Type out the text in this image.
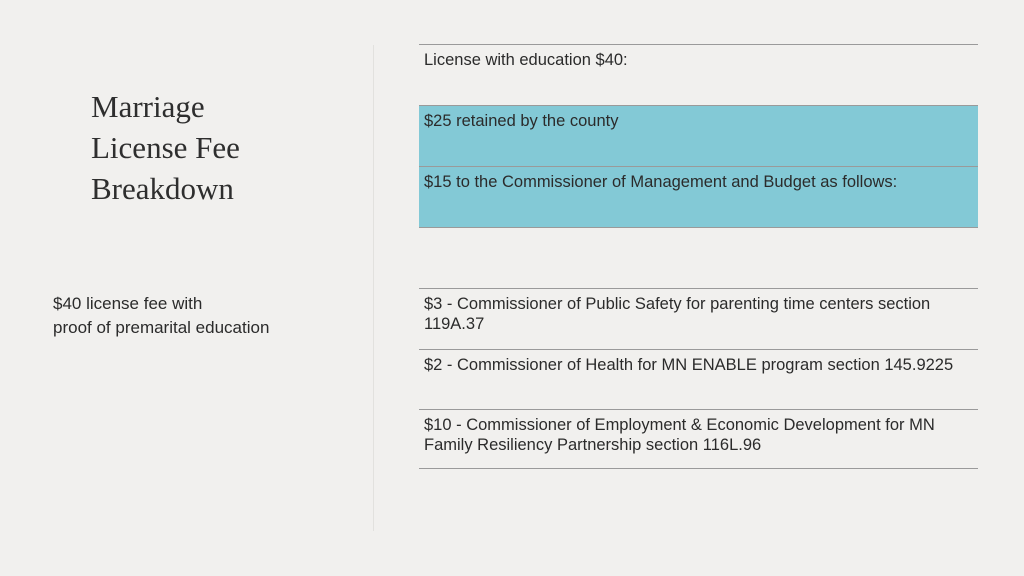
Marriage
License Fee
Breakdown
$40 license fee with
proof of premarital education
License with education $40:
$25 retained by the county
$15 to the Commissioner of Management and Budget as follows:
$3 - Commissioner of Public Safety for parenting time centers section 119A.37
$2 - Commissioner of Health for MN ENABLE program section 145.9225
$10 - Commissioner of Employment & Economic Development for MN Family Resiliency Partnership section 116L.96
